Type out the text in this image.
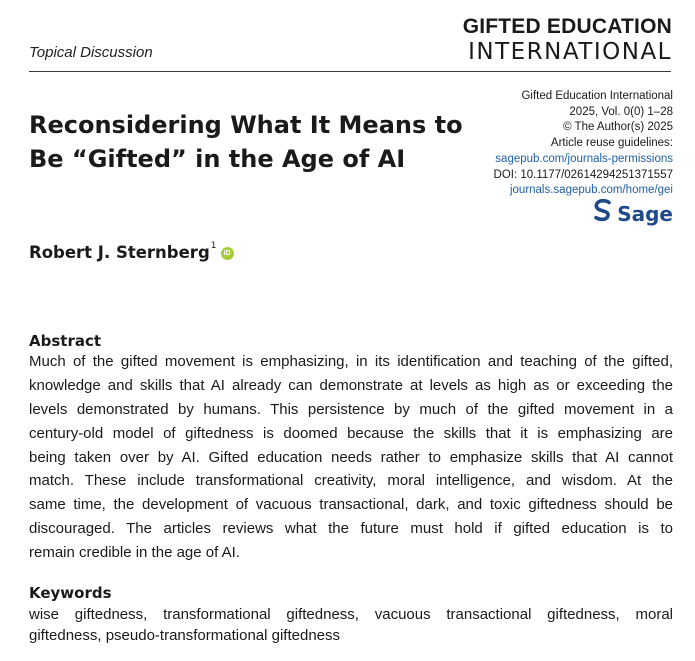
Topical Discussion
GIFTED EDUCATION
INTERNATIONAL
Reconsidering What It Means to
Be “Gifted” in the Age of AI
Gifted Education International
2025, Vol. 0(0) 1–28
© The Author(s) 2025
Article reuse guidelines:
sagepub.com/journals-permissions
DOI: 10.1177/02614294251371557
journals.sagepub.com/home/gei
Sage
Robert J. Sternberg$^1$
iD
Abstract
Much of the gifted movement is emphasizing, in its identification and teaching of the gifted,
knowledge and skills that AI already can demonstrate at levels as high as or exceeding the
levels demonstrated by humans. This persistence by much of the gifted movement in a
century-old model of giftedness is doomed because the skills that it is emphasizing are
being taken over by AI. Gifted education needs rather to emphasize skills that AI cannot
match. These include transformational creativity, moral intelligence, and wisdom. At the
same time, the development of vacuous transactional, dark, and toxic giftedness should be
discouraged. The articles reviews what the future must hold if gifted education is to
remain credible in the age of AI.
Keywords
wise giftedness, transformational giftedness, vacuous transactional giftedness, moral
giftedness, pseudo-transformational giftedness
